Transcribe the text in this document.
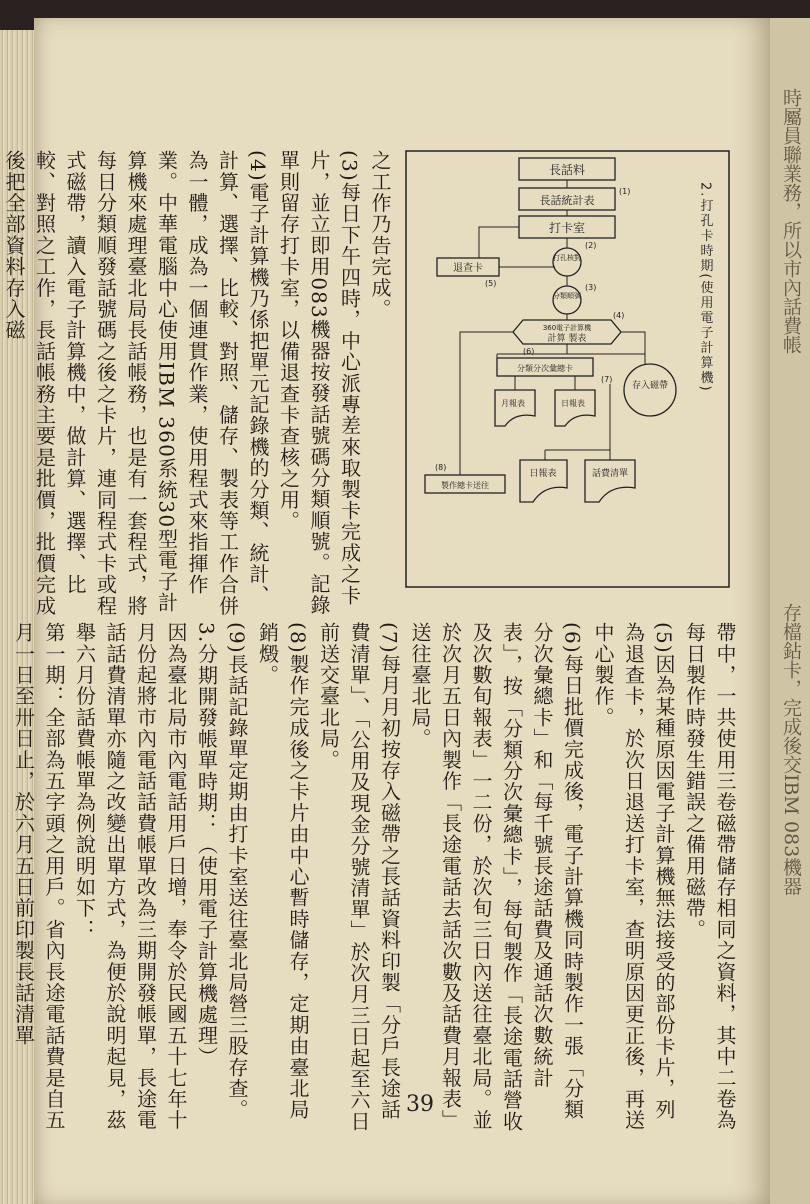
時屬員聯業務，所以市內話費帳
存檔鉆卡，完成後交IBM 083機器

之工作乃告完成。

(3)每日下午四時，中心派專差來取製卡完成之卡片，並立即用083機器按發話號碼分類順號。記錄單則留存打卡室，以備退查卡查核之用。

(4)電子計算機乃係把單元記錄機的分類、統計、計算、選擇、比較、對照、儲存、製表等工作合併為一體，成為一個連貫作業，使用程式來指揮作業。中華電腦中心使用IBM 360系統30型電子計算機來處理臺北局長話帳務，也是有一套程式，將每日分類順發話號碼之後之卡片，連同程式卡或程式磁帶，讀入電子計算機中，做計算、選擇、比較、對照之工作，長話帳務主要是批價，批價完成後把全部資料存入磁	長話料
長話統計表
(1)
打卡室
打孔核對
(2)
分類順號
(3)
退查卡
(5)
360電子計算機
計算 製表
(4)
分類分次彙總卡
(6)
月報表	日報表
存入磁帶
(7)
日報表	話費清單
(8)
製作總卡送往
2.打孔卡時期(使用電子計算機)

帶中，一共使用三卷磁帶儲存相同之資料，其中二卷為每日製作時發生錯誤之備用磁帶。

(5)因為某種原因電子計算機無法接受的部份卡片，列為退查卡，於次日退送打卡室，查明原因更正後，再送中心製作。

(6)每日批價完成後，電子計算機同時製作一張「分類分次彙總卡」和「每千號長途話費及通話次數統計表」，按「分類分次彙總卡」，每旬製作「長途電話營收及次數旬報表」一二份，於次旬三日內送往臺北局。並於次月五日內製作「長途電話去話次數及話費月報表」送往臺北局。

(7)每月月初按存入磁帶之長話資料印製「分戶長途話費清單」、「公用及現金分號清單」於次月三日起至六日前送交臺北局。

(8)製作完成後之卡片由中心暫時儲存，定期由臺北局銷燬。

(9)長話記錄單定期由打卡室送往臺北局營三股存查。

3.分期開發帳單時期：（使用電子計算機處理）

因為臺北局市內電話用戶日增，奉令於民國五十七年十月份起將市內電話話費帳單改為三期開發帳單，長途電話話費清單亦隨之改變出單方式，為便於說明起見，茲舉六月份話費帳單為例說明如下：

第一期：全部為五字頭之用戶。省內長途電話費是自五月一日至卅日止，於六月五日前印製長話清單

39
